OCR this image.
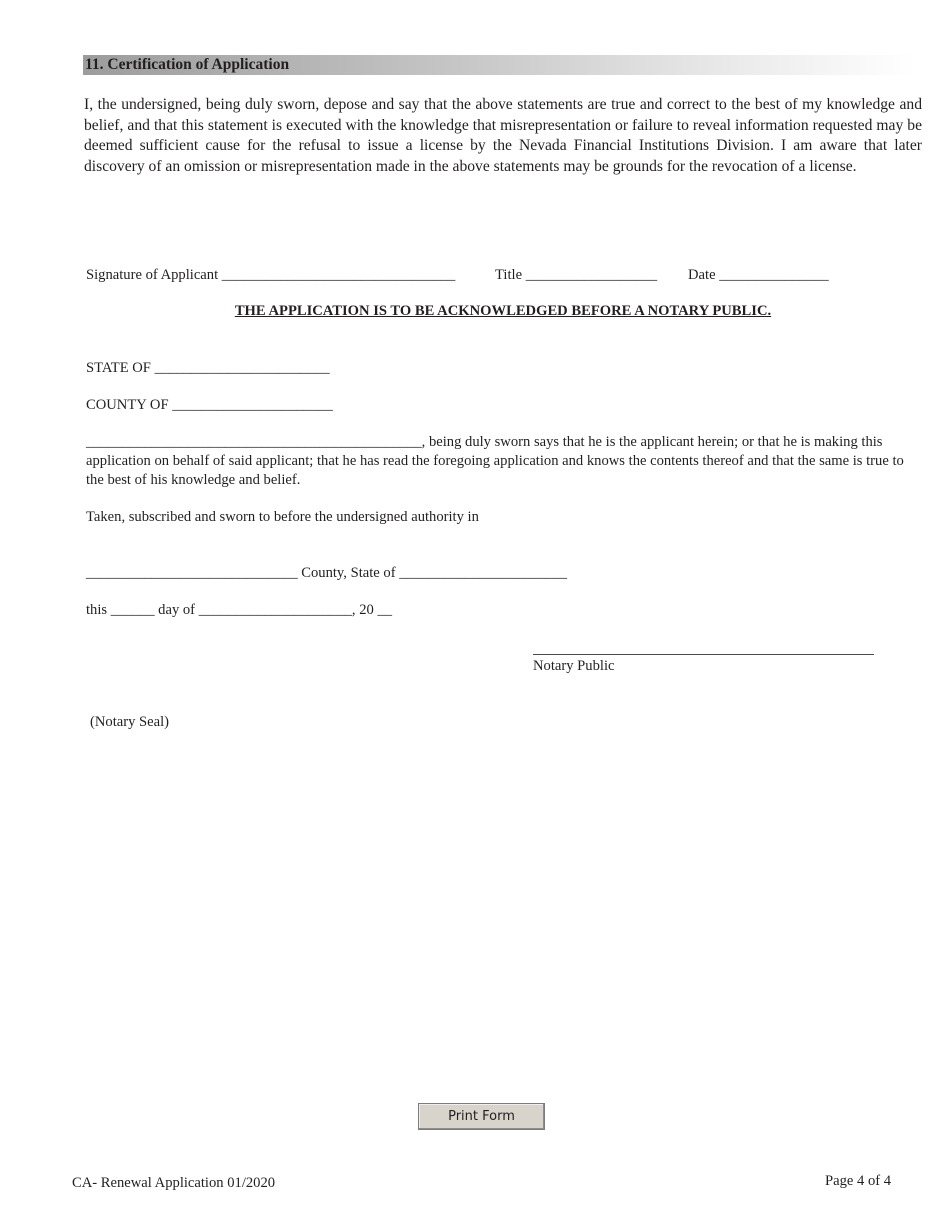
11. Certification of Application
I, the undersigned, being duly sworn, depose and say that the above statements are true and correct to the best of my knowledge and belief, and that this statement is executed with the knowledge that misrepresentation or failure to reveal information requested may be deemed sufficient cause for the refusal to issue a license by the Nevada Financial Institutions Division. I am aware that later discovery of an omission or misrepresentation made in the above statements may be grounds for the revocation of a license.
Signature of Applicant ________________________________	Title __________________ Date _______________
THE APPLICATION IS TO BE ACKNOWLEDGED BEFORE A NOTARY PUBLIC.
STATE OF ________________________
COUNTY OF ______________________
______________________________________________, being duly sworn says that he is the applicant herein; or that he is making this application on behalf of said applicant; that he has read the foregoing application and knows the contents thereof and that the same is true to the best of his knowledge and belief.
Taken, subscribed and sworn to before the undersigned authority in
_____________________________ County, State of _______________________
this ______ day of _____________________, 20 __
Notary Public
(Notary Seal)
Print Form
CA- Renewal Application 01/2020	Page 4 of 4
